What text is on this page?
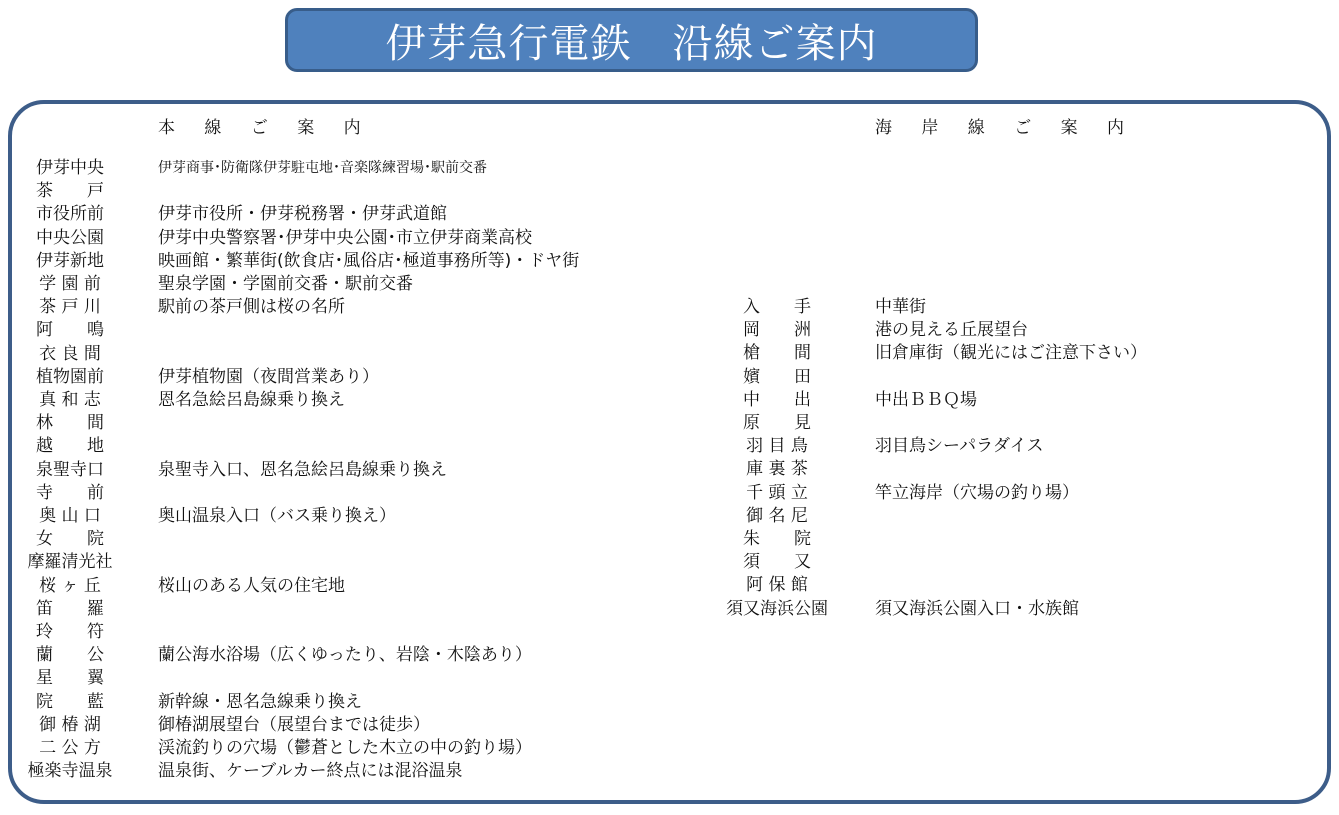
伊芽急行電鉄　沿線ご案内
本 線 ご 案 内	海 岸 線 ご 案 内
伊芽中央	伊芽商事･防衛隊伊芽駐屯地･音楽隊練習場･駅前交番
茶　　戸
市役所前	伊芽市役所・伊芽税務署・伊芽武道館
中央公園	伊芽中央警察署･伊芽中央公園･市立伊芽商業高校
伊芽新地	映画館・繁華街(飲食店･風俗店･極道事務所等)・ドヤ街
学 園 前	聖泉学園・学園前交番・駅前交番
茶 戸 川	駅前の茶戸側は桜の名所
阿　　鳴
衣 良 間
植物園前	伊芽植物園（夜間営業あり）
真 和 志	恩名急絵呂島線乗り換え
林　　間
越　　地
泉聖寺口	泉聖寺入口、恩名急絵呂島線乗り換え
寺　　前
奥 山 口	奥山温泉入口（バス乗り換え）
女　　院
摩羅清光社
桜 ヶ 丘	桜山のある人気の住宅地
笛　　羅
玲　　符
蘭　　公	蘭公海水浴場（広くゆったり、岩陰・木陰あり）
星　　翼
院　　藍	新幹線・恩名急線乗り換え
御 椿 湖	御椿湖展望台（展望台までは徒歩）
二 公 方	渓流釣りの穴場（鬱蒼とした木立の中の釣り場）
極楽寺温泉	温泉街、ケーブルカー終点には混浴温泉
入　　手	中華街
岡　　洲	港の見える丘展望台
槍　　間	旧倉庫街（観光にはご注意下さい）
嬪　　田
中　　出	中出ＢＢＱ場
原　　見
羽 目 鳥	羽目鳥シーパラダイス
庫 裏 茶
千 頭 立	竿立海岸（穴場の釣り場）
御 名 尼
朱　　院
須　　又
阿 保 館
須又海浜公園	須又海浜公園入口・水族館
